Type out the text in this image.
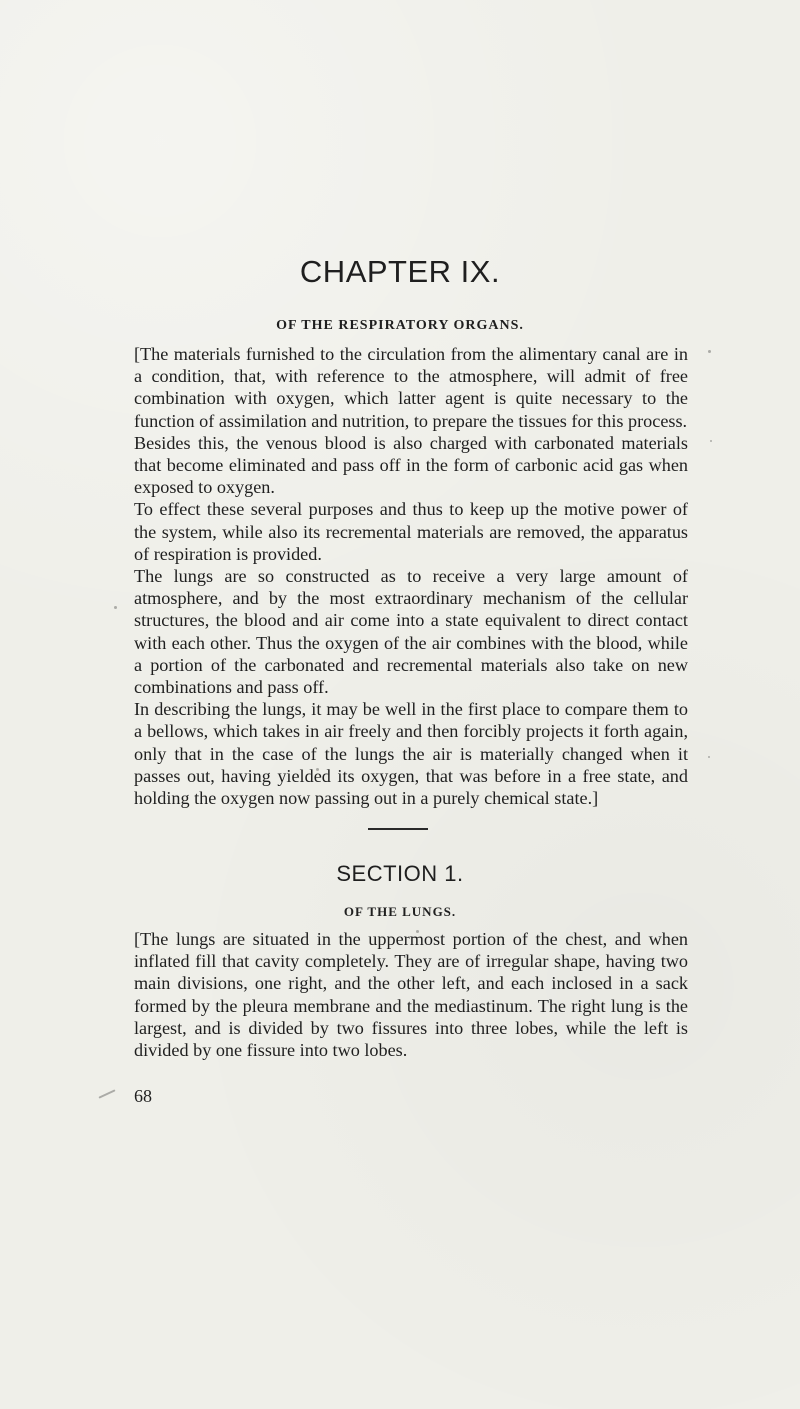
CHAPTER IX.
OF THE RESPIRATORY ORGANS.

[The materials furnished to the circulation from the alimentary canal are in a condition, that, with reference to the atmosphere, will admit of free combination with oxygen, which latter agent is quite necessary to the function of assimilation and nutrition, to prepare the tissues for this process.

Besides this, the venous blood is also charged with carbonated materials that become eliminated and pass off in the form of carbonic acid gas when exposed to oxygen.

To effect these several purposes and thus to keep up the motive power of the system, while also its recremental materials are removed, the apparatus of respiration is provided.

The lungs are so constructed as to receive a very large amount of atmosphere, and by the most extraordinary mechanism of the cellular structures, the blood and air come into a state equivalent to direct contact with each other. Thus the oxygen of the air combines with the blood, while a portion of the carbonated and recremental materials also take on new combinations and pass off.

In describing the lungs, it may be well in the first place to compare them to a bellows, which takes in air freely and then forcibly projects it forth again, only that in the case of the lungs the air is materially changed when it passes out, having yielded its oxygen, that was before in a free state, and holding the oxygen now passing out in a purely chemical state.]

SECTION 1.
OF THE LUNGS.

[The lungs are situated in the uppermost portion of the chest, and when inflated fill that cavity completely. They are of irregular shape, having two main divisions, one right, and the other left, and each inclosed in a sack formed by the pleura membrane and the mediastinum. The right lung is the largest, and is divided by two fissures into three lobes, while the left is divided by one fissure into two lobes.

68
